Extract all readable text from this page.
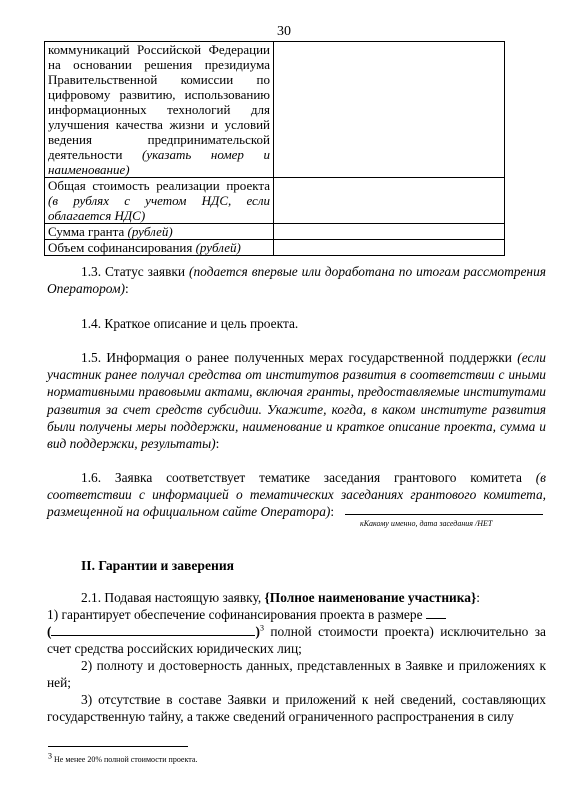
30
коммуникаций Российской Федерации на основании решения президиума Правительственной комиссии по цифровому развитию, использованию информационных технологий для улучшения качества жизни и условий ведения предпринимательской деятельности (указать номер и наименование)	
Общая стоимость реализации проекта (в рублях с учетом НДС, если облагается НДС)	
Сумма гранта (рублей)	
Объем софинансирования (рублей)	
1.3. Статус заявки (подается впервые или доработана по итогам рассмотрения Оператором):
1.4. Краткое описание и цель проекта.
1.5. Информация о ранее полученных мерах государственной поддержки (если участник ранее получал средства от институтов развития в соответствии с иными нормативными правовыми актами, включая гранты, предоставляемые институтами развития за счет средств субсидии. Укажите, когда, в каком институте развития были получены меры поддержки, наименование и краткое описание проекта, сумма и вид поддержки, результаты):
1.6. Заявка соответствует тематике заседания грантового комитета (в соответствии с информацией о тематических заседаниях грантового комитета, размещенной на официальном сайте Оператора):
кКакому именно, дата заседания /НЕТ
II. Гарантии и заверения
2.1. Подавая настоящую заявку, {Полное наименование участника}:
1) гарантирует обеспечение софинансирования проекта в размере
(	)$^3$ полной стоимости проекта) исключительно за счет средства российских юридических лиц;
2) полноту и достоверность данных, представленных в Заявке и приложениях к ней;
3) отсутствие в составе Заявки и приложений к ней сведений, составляющих государственную тайну, а также сведений ограниченного распространения в силу
$^3$ Не менее 20% полной стоимости проекта.
